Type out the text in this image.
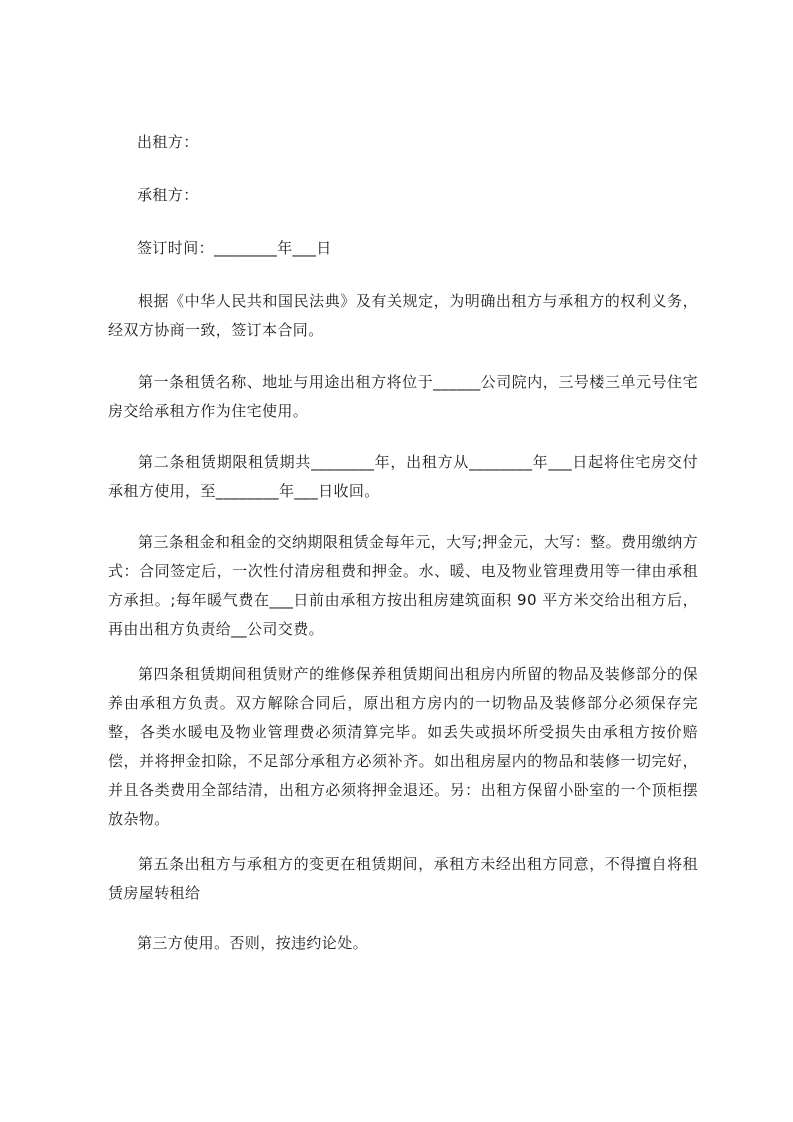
出租方：
承租方：
签订时间：________年___日
根据《中华人民共和国民法典》及有关规定，为明确出租方与承租方的权利义务，经双方协商一致，签订本合同。
第一条租赁名称、地址与用途出租方将位于______公司院内，三号楼三单元号住宅房交给承租方作为住宅使用。
第二条租赁期限租赁期共________年，出租方从________年___日起将住宅房交付承租方使用，至________年___日收回。
第三条租金和租金的交纳期限租赁金每年元，大写;押金元，大写：整。费用缴纳方式：合同签定后，一次性付清房租费和押金。水、暖、电及物业管理费用等一律由承租方承担。;每年暖气费在___日前由承租方按出租房建筑面积 90 平方米交给出租方后，再由出租方负责给__公司交费。
第四条租赁期间租赁财产的维修保养租赁期间出租房内所留的物品及装修部分的保养由承租方负责。双方解除合同后，原出租方房内的一切物品及装修部分必须保存完整，各类水暖电及物业管理费必须清算完毕。如丢失或损坏所受损失由承租方按价赔偿，并将押金扣除，不足部分承租方必须补齐。如出租房屋内的物品和装修一切完好，并且各类费用全部结清，出租方必须将押金退还。另：出租方保留小卧室的一个顶柜摆放杂物。
第五条出租方与承租方的变更在租赁期间，承租方未经出租方同意，不得擅自将租赁房屋转租给
第三方使用。否则，按违约论处。
